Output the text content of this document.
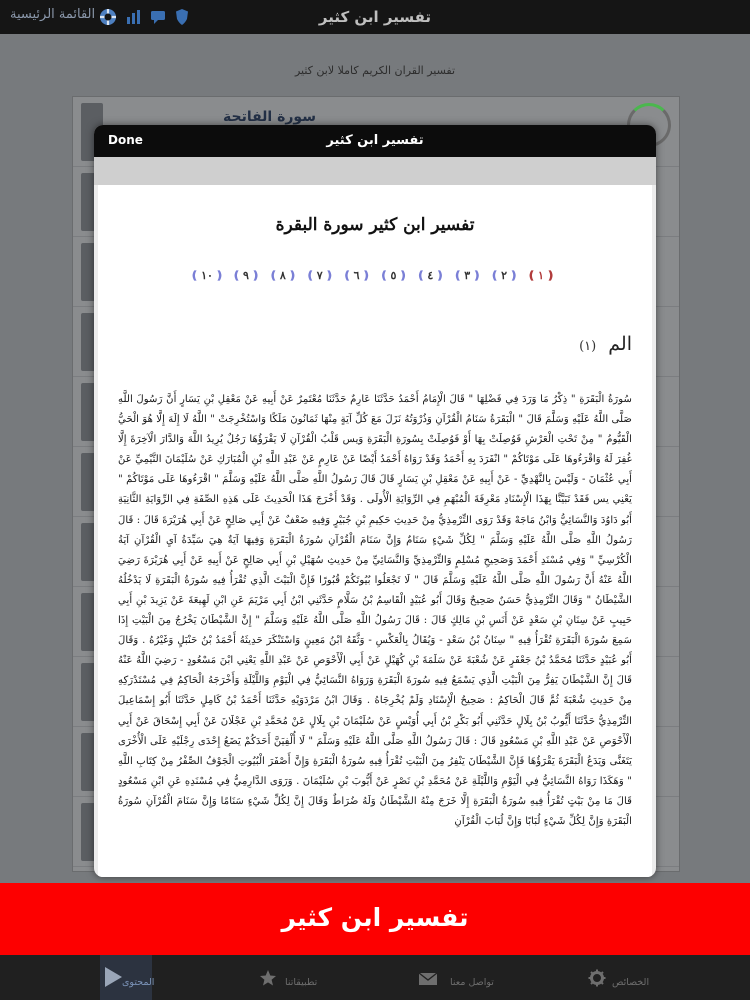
القائمة الرئيسية	تفسير ابن كثير
تفسير القران الكريم كاملا لابن كثير
سورة الفاتحة
Done	تفسير ابن كثير
تفسير ابن كثير سورة البقرة
❪ ١ ❫
❪ ٢ ❫
❪ ٣ ❫
❪ ٤ ❫
❪ ٥ ❫
❪ ٦ ❫
❪ ٧ ❫
❪ ٨ ❫
❪ ٩ ❫
❪ ١٠ ❫
الم (١)
سُورَةُ الْبَقَرَةِ " ذِكْرُ مَا وَرَدَ فِي فَضْلِهَا " قَالَ الْإِمَامُ أَحْمَدُ حَدَّثَنَا عَارِمٌ حَدَّثَنَا مُعْتَمِرٌ عَنْ أَبِيهِ عَنْ مَعْقِلِ بْنِ يَسَارٍ أَنَّ رَسُولَ اللَّهِ صَلَّى اللَّهُ عَلَيْهِ وَسَلَّمَ قَالَ " الْبَقَرَةُ سَنَامُ الْقُرْآنِ وَذُرْوَتُهُ نَزَلَ مَعَ كُلِّ آيَةٍ مِنْهَا ثَمَانُونَ مَلَكًا وَاسْتُخْرِجَتْ " اللَّهُ لَا إِلَهَ إِلَّا هُوَ الْحَيُّ الْقَيُّومُ " مِنْ تَحْتِ الْعَرْشِ فَوُصِلَتْ بِهَا أَوْ فَوُصِلَتْ بِسُورَةِ الْبَقَرَةِ وَيس قَلْبُ الْقُرْآنِ لَا يَقْرَؤُهَا رَجُلٌ يُرِيدُ اللَّهَ وَالدَّارَ الْآخِرَةَ إِلَّا غُفِرَ لَهُ وَاقْرَءُوهَا عَلَى مَوْتَاكُمْ " انْفَرَدَ بِهِ أَحْمَدُ وَقَدْ رَوَاهُ أَحْمَدُ أَيْضًا عَنْ عَارِمٍ عَنْ عَبْدِ اللَّهِ بْنِ الْمُبَارَكِ عَنْ سُلَيْمَانَ التَّيْمِيِّ عَنْ أَبِي عُثْمَانَ - وَلَيْسَ بِالنَّهْدِيِّ - عَنْ أَبِيهِ عَنْ مَعْقِلِ بْنِ يَسَارٍ قَالَ قَالَ رَسُولُ اللَّهِ صَلَّى اللَّهُ عَلَيْهِ وَسَلَّمَ " اقْرَءُوهَا عَلَى مَوْتَاكُمْ " يَعْنِي يس فَقَدْ تَبَيَّنَّا بِهَذَا الْإِسْنَادِ مَعْرِفَةَ الْمُبْهَمِ فِي الرِّوَايَةِ الْأُولَى . وَقَدْ أَخْرَجَ هَذَا الْحَدِيثَ عَلَى هَذِهِ الصِّفَةِ فِي الرِّوَايَةِ الثَّانِيَةِ أَبُو دَاوُدَ وَالنَّسَائِيُّ وَابْنُ مَاجَهْ وَقَدْ رَوَى التِّرْمِذِيُّ مِنْ حَدِيثِ حَكِيمِ بْنِ جُبَيْرٍ وَفِيهِ ضَعْفٌ عَنْ أَبِي صَالِحٍ عَنْ أَبِي هُرَيْرَةَ قَالَ : قَالَ رَسُولُ اللَّهِ صَلَّى اللَّهُ عَلَيْهِ وَسَلَّمَ " لِكُلِّ شَيْءٍ سَنَامٌ وَإِنَّ سَنَامَ الْقُرْآنِ سُورَةُ الْبَقَرَةِ وَفِيهَا آيَةٌ هِيَ سَيِّدَةُ آيِ الْقُرْآنِ آيَةُ الْكُرْسِيِّ " وَفِي مُسْنَدِ أَحْمَدَ وَصَحِيحِ مُسْلِمٍ وَالتِّرْمِذِيِّ وَالنَّسَائِيِّ مِنْ حَدِيثِ سُهَيْلِ بْنِ أَبِي صَالِحٍ عَنْ أَبِيهِ عَنْ أَبِي هُرَيْرَةَ رَضِيَ اللَّهُ عَنْهُ أَنَّ رَسُولَ اللَّهِ صَلَّى اللَّهُ عَلَيْهِ وَسَلَّمَ قَالَ " لَا تَجْعَلُوا بُيُوتَكُمْ قُبُورًا فَإِنَّ الْبَيْتَ الَّذِي تُقْرَأُ فِيهِ سُورَةُ الْبَقَرَةِ لَا يَدْخُلُهُ الشَّيْطَانُ " وَقَالَ التِّرْمِذِيُّ حَسَنٌ صَحِيحٌ وَقَالَ أَبُو عُبَيْدٍ الْقَاسِمُ بْنُ سَلَّامٍ حَدَّثَنِي ابْنُ أَبِي مَرْيَمَ عَنِ ابْنِ لَهِيعَةَ عَنْ يَزِيدَ بْنِ أَبِي حَبِيبٍ عَنْ سِنَانِ بْنِ سَعْدٍ عَنْ أَنَسِ بْنِ مَالِكٍ قَالَ : قَالَ رَسُولُ اللَّهِ صَلَّى اللَّهُ عَلَيْهِ وَسَلَّمَ " إِنَّ الشَّيْطَانَ يَخْرُجُ مِنَ الْبَيْتِ إِذَا سَمِعَ سُورَةَ الْبَقَرَةِ تُقْرَأُ فِيهِ " سِنَانُ بْنُ سَعْدٍ - وَيُقَالُ بِالْعَكْسِ - وَثَّقَهُ ابْنُ مَعِينٍ وَاسْتَنْكَرَ حَدِيثَهُ أَحْمَدُ بْنُ حَنْبَلٍ وَغَيْرُهُ . وَقَالَ أَبُو عُبَيْدٍ حَدَّثَنَا مُحَمَّدُ بْنُ جَعْفَرٍ عَنْ شُعْبَةَ عَنْ سَلَمَةَ بْنِ كُهَيْلٍ عَنْ أَبِي الْأَحْوَصِ عَنْ عَبْدِ اللَّهِ يَعْنِي ابْنَ مَسْعُودٍ - رَضِيَ اللَّهُ عَنْهُ قَالَ إِنَّ الشَّيْطَانَ يَفِرُّ مِنَ الْبَيْتِ الَّذِي يَسْمَعُ فِيهِ سُورَةَ الْبَقَرَةِ وَرَوَاهُ النَّسَائِيُّ فِي الْيَوْمِ وَاللَّيْلَةِ وَأَخْرَجَهُ الْحَاكِمُ فِي مُسْتَدْرَكِهِ مِنْ حَدِيثِ شُعْبَةَ ثُمَّ قَالَ الْحَاكِمُ : صَحِيحُ الْإِسْنَادِ وَلَمْ يُخْرِجَاهُ . وَقَالَ ابْنُ مَرْدَوَيْهِ حَدَّثَنَا أَحْمَدُ بْنُ كَامِلٍ حَدَّثَنَا أَبُو إِسْمَاعِيلَ التِّرْمِذِيُّ حَدَّثَنَا أَيُّوبُ بْنُ بِلَالٍ حَدَّثَنِي أَبُو بَكْرِ بْنُ أَبِي أُوَيْسٍ عَنْ سُلَيْمَانَ بْنِ بِلَالٍ عَنْ مُحَمَّدِ بْنِ عَجْلَانَ عَنْ أَبِي إِسْحَاقَ عَنْ أَبِي الْأَحْوَصِ عَنْ عَبْدِ اللَّهِ بْنِ مَسْعُودٍ قَالَ : قَالَ رَسُولُ اللَّهِ صَلَّى اللَّهُ عَلَيْهِ وَسَلَّمَ " لَا أُلْفِيَنَّ أَحَدَكُمْ يَضَعُ إِحْدَى رِجْلَيْهِ عَلَى الْأُخْرَى يَتَغَنَّى وَيَدَعُ الْبَقَرَةَ يَقْرَؤُهَا فَإِنَّ الشَّيْطَانَ يَنْفِرُ مِنَ الْبَيْتِ تُقْرَأُ فِيهِ سُورَةُ الْبَقَرَةِ وَإِنَّ أَصْفَرَ الْبُيُوتِ الْجَوْفُ الصِّفْرُ مِنْ كِتَابِ اللَّهِ " وَهَكَذَا رَوَاهُ النَّسَائِيُّ فِي الْيَوْمِ وَاللَّيْلَةِ عَنْ مُحَمَّدِ بْنِ نَصْرٍ عَنْ أَيُّوبَ بْنِ سُلَيْمَانَ . وَرَوَى الدَّارِمِيُّ فِي مُسْنَدِهِ عَنِ ابْنِ مَسْعُودٍ قَالَ مَا مِنْ بَيْتٍ تُقْرَأُ فِيهِ سُورَةُ الْبَقَرَةِ إِلَّا خَرَجَ مِنْهُ الشَّيْطَانُ وَلَهُ ضُرَاطٌ وَقَالَ إِنَّ لِكُلِّ شَيْءٍ سَنَامًا وَإِنَّ سَنَامَ الْقُرْآنِ سُورَةُ الْبَقَرَةِ وَإِنَّ لِكُلِّ شَيْءٍ لُبَابًا وَإِنَّ لُبَابَ الْقُرْآنِ
تفسير ابن كثير
المحتوى	تطبيقاتنا	تواصل معنا	الخصائص
